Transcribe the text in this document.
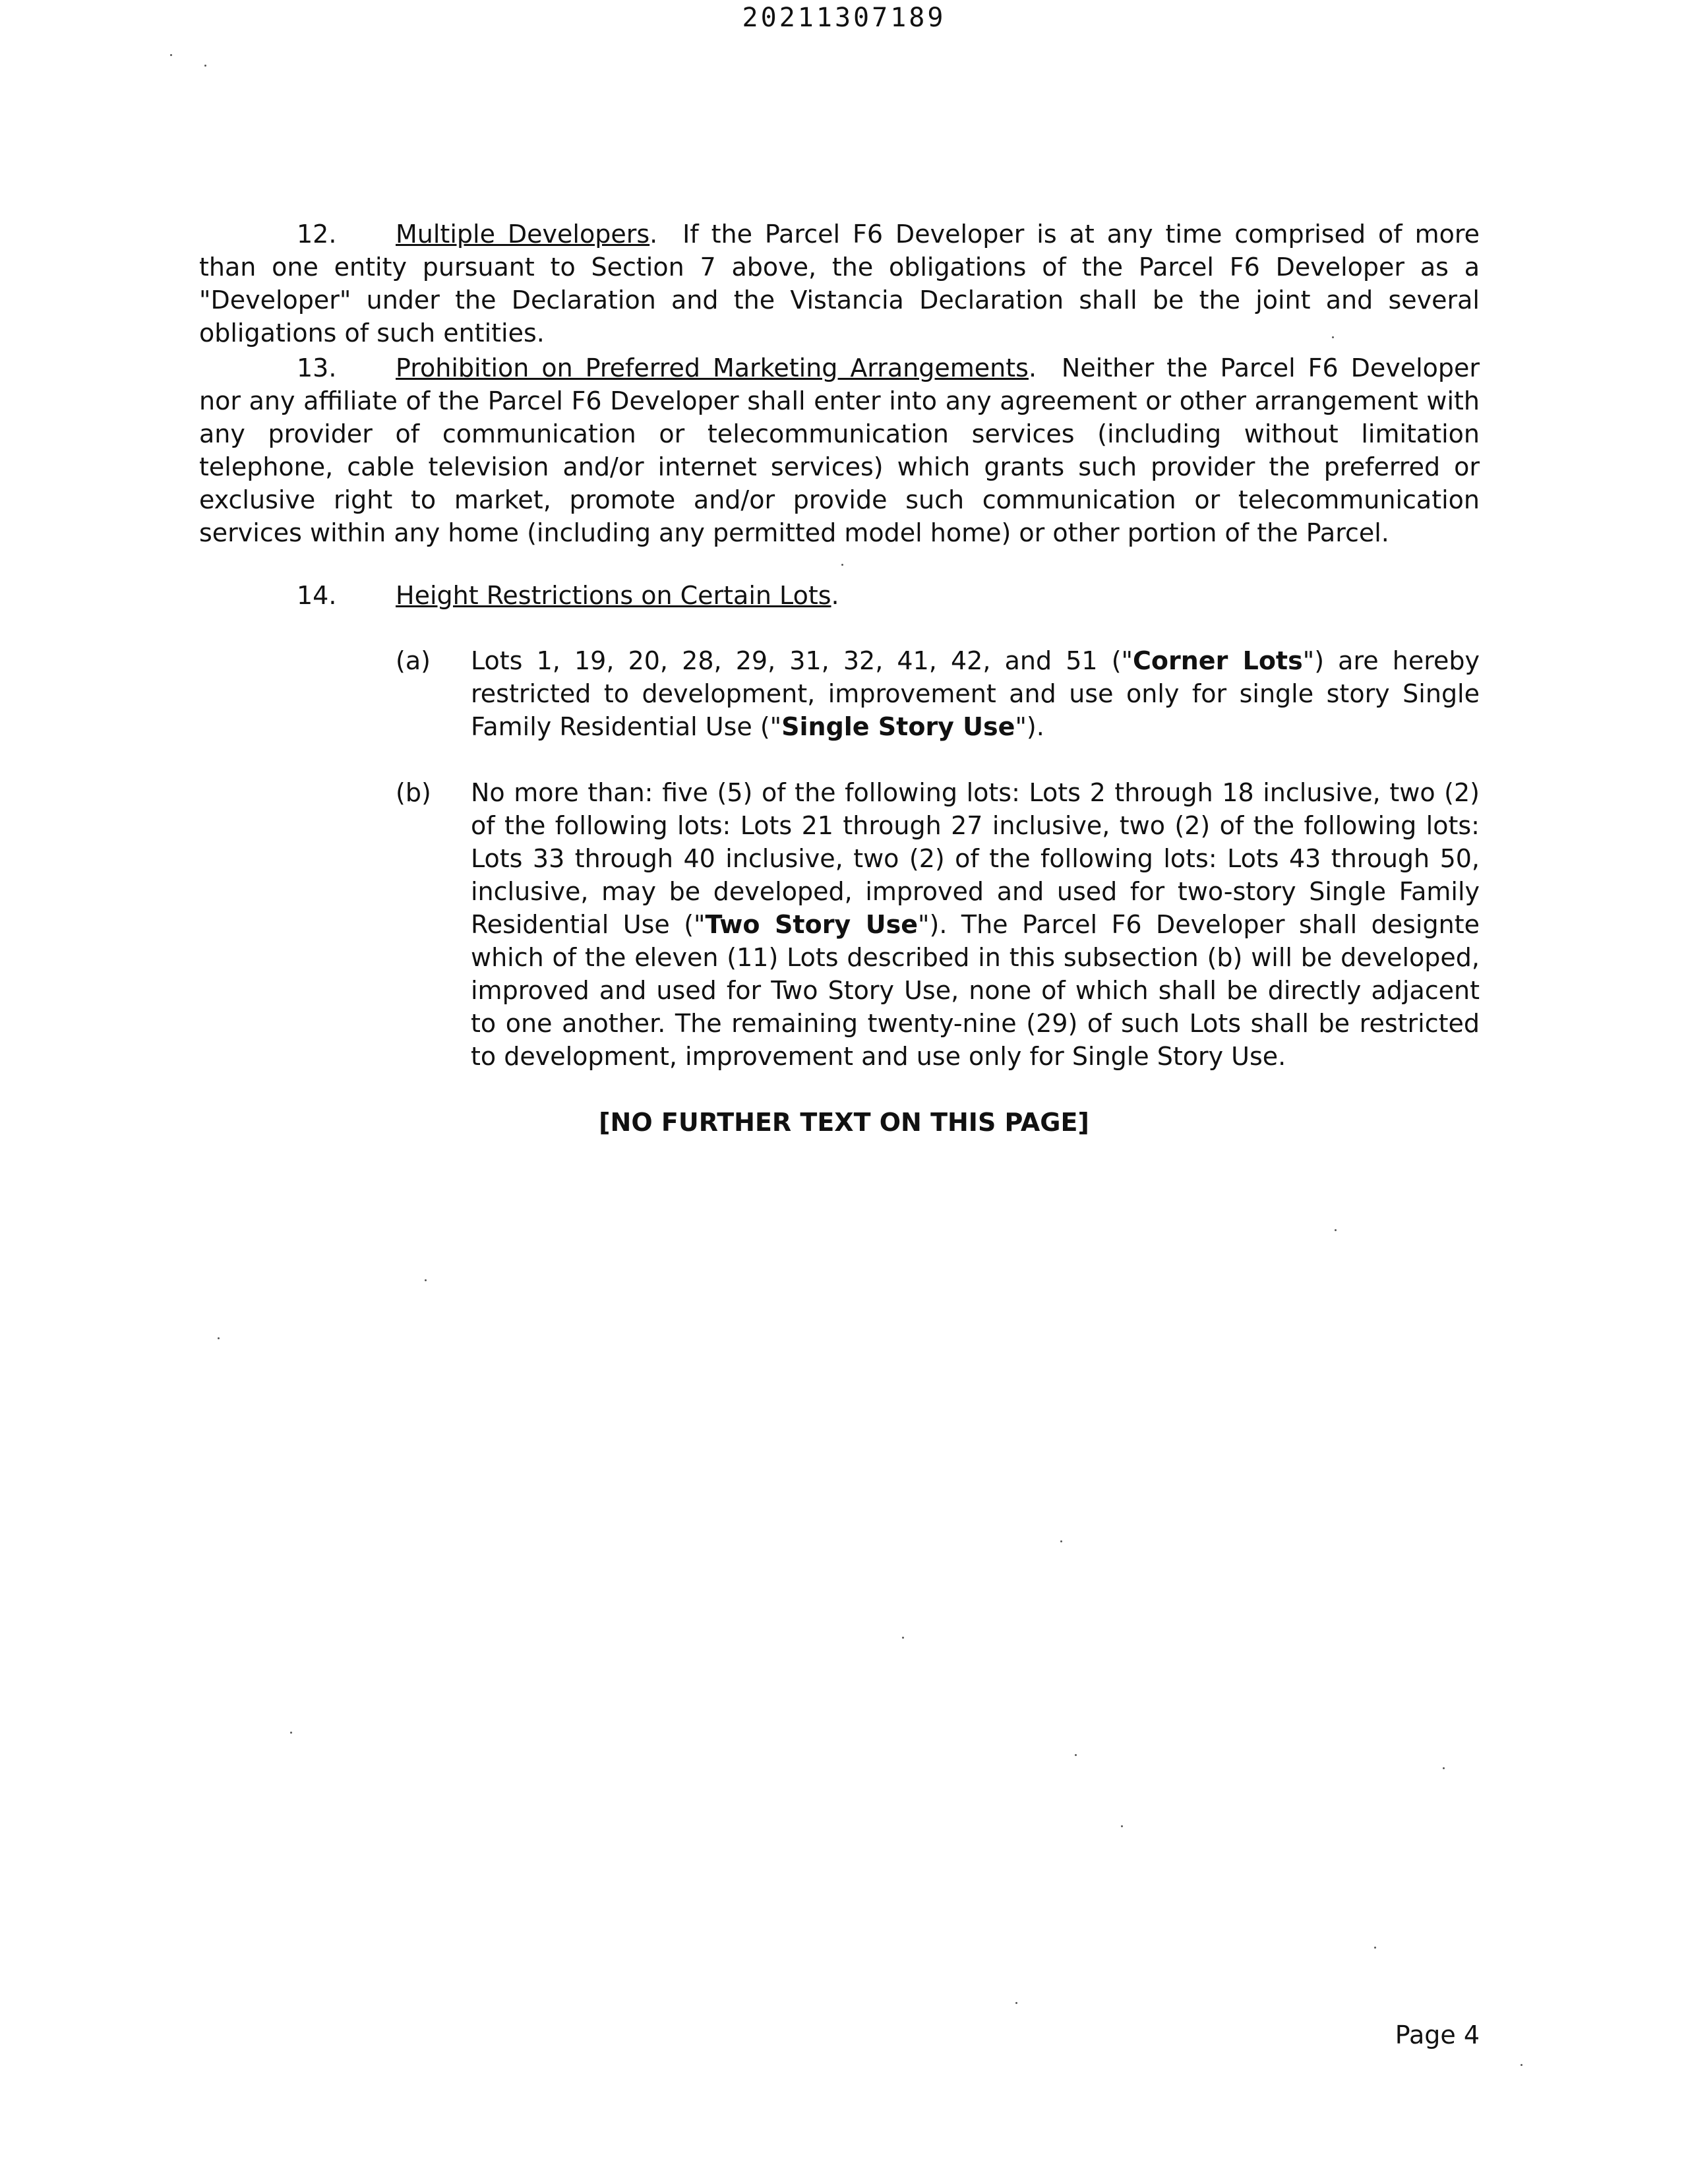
20211307189
12. Multiple Developers.  If the Parcel F6 Developer is at any time comprised of more than one entity pursuant to Section 7 above, the obligations of the Parcel F6 Developer as a "Developer" under the Declaration and the Vistancia Declaration shall be the joint and several obligations of such entities.
13. Prohibition on Preferred Marketing Arrangements.  Neither the Parcel F6 Developer nor any affiliate of the Parcel F6 Developer shall enter into any agreement or other arrangement with any provider of communication or telecommunication services (including without limitation telephone, cable television and/or internet services) which grants such provider the preferred or exclusive right to market, promote and/or provide such communication or telecommunication services within any home (including any permitted model home) or other portion of the Parcel.
14. Height Restrictions on Certain Lots.
(a) Lots 1, 19, 20, 28, 29, 31, 32, 41, 42, and 51 ("Corner Lots") are hereby restricted to development, improvement and use only for single story Single Family Residential Use ("Single Story Use").
(b) No more than: five (5) of the following lots: Lots 2 through 18 inclusive, two (2) of the following lots: Lots 21 through 27 inclusive, two (2) of the following lots: Lots 33 through 40 inclusive, two (2) of the following lots: Lots 43 through 50, inclusive, may be developed, improved and used for two-story Single Family Residential Use ("Two Story Use"). The Parcel F6 Developer shall designte which of the eleven (11) Lots described in this subsection (b) will be developed, improved and used for Two Story Use, none of which shall be directly adjacent to one another. The remaining twenty-nine (29) of such Lots shall be restricted to development, improvement and use only for Single Story Use.
[NO FURTHER TEXT ON THIS PAGE]
Page 4
